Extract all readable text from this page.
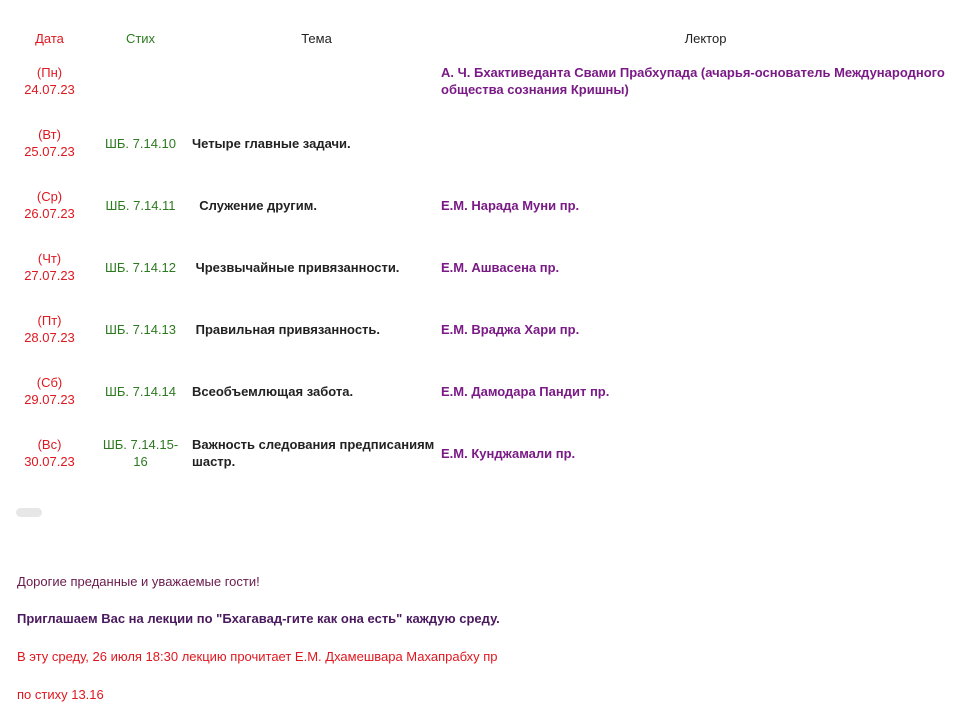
Дата	Стих	Тема	Лектор

(Пн)
24.07.23			А. Ч. Бхактиведанта Свами Прабхупада (ачарья-основатель Международного общества сознания Кришны)

(Вт)
25.07.23	ШБ. 7.14.10	Четыре главные задачи.	

(Ср)
26.07.23	ШБ. 7.14.11	Служение другим.	Е.М. Нарада Муни пр.

(Чт)
27.07.23	ШБ. 7.14.12	Чрезвычайные привязанности.	Е.М. Ашвасена пр.

(Пт)
28.07.23	ШБ. 7.14.13	Правильная привязанность.	Е.М. Враджа Хари пр.

(Сб)
29.07.23	ШБ. 7.14.14	Всеобъемлющая забота.	Е.М. Дамодара Пандит пр.

(Вс)
30.07.23	ШБ. 7.14.15-16	Важность следования предписаниям шастр.	Е.М. Кунджамали пр.

Дорогие преданные и уважаемые гости!

Приглашаем Вас на лекции по "Бхагавад-гите как она есть" каждую среду.

В эту среду, 26 июля 18:30 лекцию прочитает Е.М. Дхамешвара Махапрабху пр

по стиху 13.16
